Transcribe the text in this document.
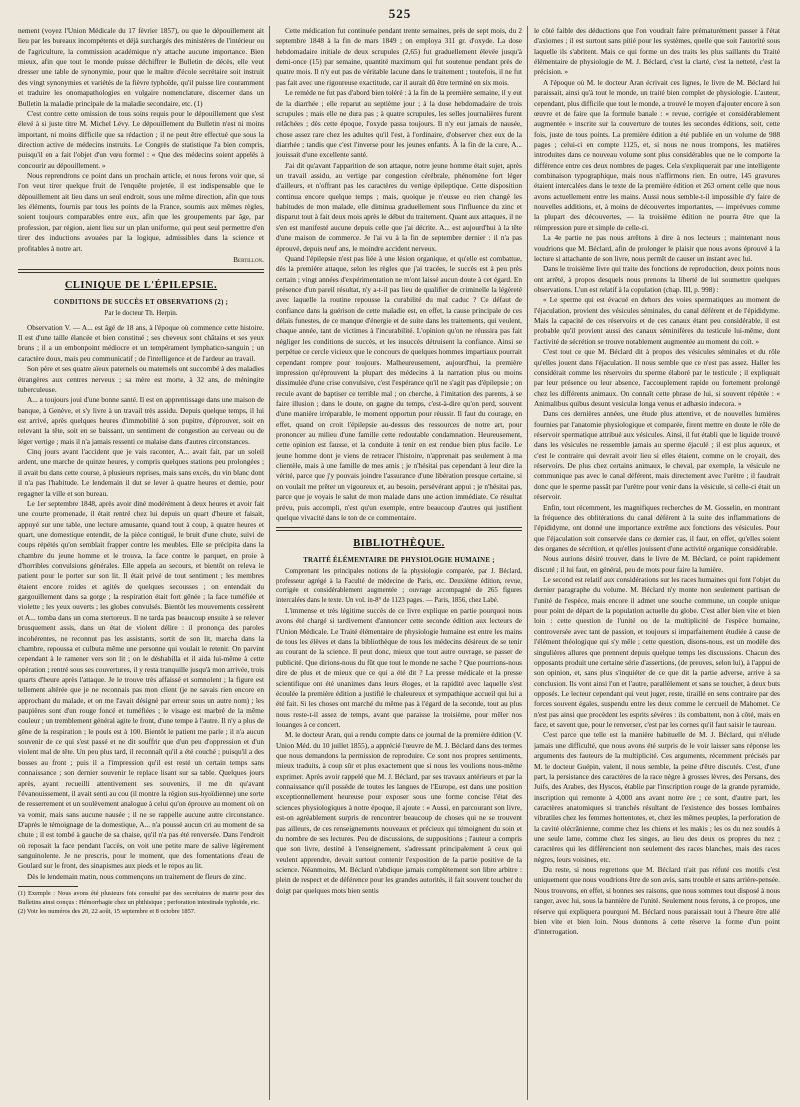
525

nement (voyez l'Union Médicale du 17 février 1857), ou que le dépouillement ait lieu par les bureaux incompétents et déjà surchargés des ministères de l'intérieur ou de l'agriculture, la commission académique n'y attache aucune importance. Bien mieux, afin que tout le monde puisse déchiffrer le Bulletin de décès, elle veut dresser une table de synonymie, pour que le maître d'école secrétaire soit instruit des vingt synonymies et variétés de la fièvre typhoïde, qu'il puisse lire couramment et traduire les onomapathologies en vulgaire nomenclature, discerner dans un Bulletin la maladie principale de la maladie secondaire, etc. (1)

C'est contre cette omission de tous soins requis pour le dépouillement que s'est élevé à si juste titre M. Michel Lévy. Le dépouillement du Bulletin n'est ni moins important, ni moins difficile que sa rédaction ; il ne peut être effectué que sous la direction active de médecins instruits. Le Congrès de statistique l'a bien compris, puisqu'il en a fait l'objet d'un vœu formel : « Que des médecins soient appelés à concourir au dépouillement. »

Nous reprendrons ce point dans un prochain article, et nous ferons voir que, si l'on veut tirer quelque fruit de l'enquête projetée, il est indispensable que le dépouillement ait lieu dans un seul endroit, sous une même direction, afin que tous les éléments, fournis par tous les points de la France, soumis aux mêmes règles, soient toujours comparables entre eux, afin que les groupements par âge, par profession, par région, aient lieu sur un plan uniforme, qui peut seul permettre d'en tirer des inductions avouées par la logique, admissibles dans la science et profitables à notre art.

Bertillon.
CLINIQUE DE L'ÉPILEPSIE.
CONDITIONS DE SUCCÈS ET OBSERVATIONS (2) ;
Par le docteur Th. Herpin.

Observation V. — A... est âgé de 18 ans, à l'époque où commence cette histoire. Il est d'une taille élancée et bien constitué ; ses cheveux sont châtains et ses yeux bruns ; il a un embonpoint médiocre et un tempérament lymphatico-sanguin ; un caractère doux, mais peu communicatif ; de l'intelligence et de l'ardeur au travail.

Son père et ses quatre aïeux paternels ou maternels ont succombé à des maladies étrangères aux centres nerveux ; sa mère est morte, à 32 ans, de méningite tuberculeuse.

A... a toujours joui d'une bonne santé. Il est en apprentissage dans une maison de banque, à Genève, et s'y livre à un travail très assidu. Depuis quelque temps, il lui est arrivé, après quelques heures d'immobilité à son pupitre, d'éprouver, soit en relevant la tête, soit en se baissant, un sentiment de congestion au cerveau ou de léger vertige ; mais il n'a jamais ressenti ce malaise dans d'autres circonstances.

Cinq jours avant l'accident que je vais raconter, A... avait fait, par un soleil ardent, une marche de quinze heures, y compris quelques stations peu prolongées ; il avait bu dans cette course, à plusieurs reprises, mais sans excès, du vin blanc dont il n'a pas l'habitude. Le lendemain il dut se lever à quatre heures et demie, pour regagner la ville et son bureau.

Le 1er septembre 1848, après avoir diné modérément à deux heures et avoir fait une courte promenade, il était rentré chez lui depuis un quart d'heure et faisait, appuyé sur une table, une lecture amusante, quand tout à coup, à quatre heures et quart, une domestique entendit, de la pièce contiguë, le bruit d'une chute, suivi de coups répétés qu'on semblait frapper contre les meubles. Elle se précipita dans la chambre du jeune homme et le trouva, la face contre le parquet, en proie à d'horribles convulsions générales. Elle appela au secours, et bientôt on releva le patient pour le porter sur son lit. Il était privé de tout sentiment ; les membres étaient encore roides et agités de quelques secousses ; on entendait du gargouillement dans sa gorge ; la respiration était fort gênée ; la face tuméfiée et violette ; les yeux ouverts ; les globes convulsés. Bientôt les mouvements cessèrent et A... tomba dans un coma stertoreux. Il ne tarda pas beaucoup ensuite à se relever brusquement assis, dans un état de violent délire : il prononça des paroles incohérentes, ne reconnut pas les assistants, sortit de son lit, marcha dans la chambre, repoussa et culbuta même une personne qui voulait le retenir. On parvint cependant à le ramener vers son lit ; on le déshabilla et il aida lui-même à cette opération ; rentré sous ses couvertures, il y resta tranquille jusqu'à mon arrivée, trois quarts d'heure après l'attaque. Je le trouve très affaissé et somnolent ; la figure est tellement altérée que je ne reconnais pas mon client (je ne savais rien encore en approchant du malade, et on me l'avait désigné par erreur sous un autre nom) ; les paupières sont d'un rouge foncé et tuméfiées ; le visage est marbré de la même couleur ; un tremblement général agite le front, d'une tempe à l'autre. Il n'y a plus de gêne de la respiration ; le pouls est à 100. Bientôt le patient me parle ; il n'a aucun souvenir de ce qui s'est passé et ne dit souffrir que d'un peu d'oppression et d'un violent mal de tête. Un peu plus tard, il reconnaît qu'il a été couché ; puisqu'il a des bosses au front ; puis il a l'impression qu'il est resté un certain temps sans connaissance ; son dernier souvenir le replace lisant sur sa table. Quelques jours après, ayant recueilli attentivement ses souvenirs, il me dit qu'avant l'évanouissement, il avait senti au cou (il montre la région sus-hyoïdienne) une sorte de resserrement et un soulèvement analogue à celui qu'on éprouve au moment où on va vomir, mais sans aucune nausée ; il ne se rappelle aucune autre circonstance. D'après le témoignage de la domestique, A... n'a poussé aucun cri au moment de sa chute ; il est tombé à gauche de sa chaise, qu'il n'a pas été renversée. Dans l'endroit où reposait la face pendant l'accès, on voit une petite mare de salive légèrement sanguinolente. Je ne prescris, pour le moment, que des fomentations d'eau de Goulard sur le front, des sinapismes aux pieds et le repos au lit.

Dès le lendemain matin, nous commençons un traitement de fleurs de zinc.

(1) Exemple : Nous avons été plusieurs fois consulté par des secrétaires de mairie pour des Bulletins ainsi conçus : Hémorrhagie chez un phthisique ; perforation intestinale typhoïde, etc.

(2) Voir les numéros des 20, 22 août, 15 septembre et 8 octobre 1857.

Cette médication fut continuée pendant trente semaines, près de sept mois, du 2 septembre 1848 à la fin de mars 1849 ; on employa 311 gr. d'oxyde. La dose hebdomadaire initiale de deux scrupules (2,65) fut graduellement élevée jusqu'à demi-once (15) par semaine, quantité maximum qui fut soutenue pendant près de quatre mois. Il n'y eut pas de véritable lacune dans le traitement ; toutefois, il ne fut pas fait avec une rigoureuse exactitude, car il aurait dû être terminé en six mois.

Le remède ne fut pas d'abord bien toléré : à la fin de la première semaine, il y eut de la diarrhée ; elle reparut au septième jour ; à la dose hebdomadaire de trois scrupules ; mais elle ne dura pas ; à quatre scrupules, les selles journalières furent relâchées ; dès cette époque, l'oxyde passa toujours. Il n'y eut jamais de nausée, chose assez rare chez les adultes qu'il l'est, à l'ordinaire, d'observer chez eux de la diarrhée ; tandis que c'est l'inverse pour les jeunes enfants. À la fin de la cure, A... jouissait d'une excellente santé.

J'ai dit qu'avant l'apparition de son attaque, notre jeune homme était sujet, après un travail assidu, au vertige par congestion cérébrale, phénomène fort léger d'ailleurs, et n'offrant pas les caractères du vertige épileptique. Cette disposition continua encore quelque temps ; mais, quoique je n'eusse eu rien changé les habitudes de mon malade, elle diminua graduellement sous l'influence du zinc et disparut tout à fait deux mois après le début du traitement. Quant aux attaques, il ne s'en est manifesté aucune depuis celle que j'ai décrite. A... est aujourd'hui à la tête d'une maison de commerce. Je l'ai vu à la fin de septembre dernier : il n'a pas éprouvé, depuis neuf ans, le moindre accident nerveux.

Quand l'épilepsie n'est pas liée à une lésion organique, et qu'elle est combattue, dès la première attaque, selon les règles que j'ai tracées, le succès est à peu près certain ; vingt années d'expérimentation ne m'ont laissé aucun doute à cet égard. En présence d'un pareil résultat, n'y a-t-il pas lieu de qualifier de criminelle la légèreté avec laquelle la routine repousse la curabilité du mal caduc ? Ce défaut de confiance dans la guérison de cette maladie est, en effet, la cause principale de ces délais funestes, de ce manque d'énergie et de suite dans les traitements, qui veulent, chaque année, tant de victimes à l'incurabilité. L'opinion qu'on ne réussira pas fait négliger les conditions de succès, et les insuccès détruisent la confiance. Ainsi se perpétue ce cercle vicieux que le concours de quelques hommes impartiaux pourrait cependant rompre pour toujours. Malheureusement, aujourd'hui, la première impression qu'éprouvent la plupart des médecins à la narration plus ou moins dissimulée d'une crise convulsive, c'est l'espérance qu'il ne s'agit pas d'épilepsie ; on recule avant de baptiser ce terrible mal ; on cherche, à l'imitation des parents, à se faire illusion ; dans le doute, on gagne du temps, c'est-à-dire qu'on perd, souvent d'une manière irréparable, le moment opportun pour réussir. Il faut du courage, en effet, quand on croit l'épilepsie au-dessus des ressources de notre art, pour prononcer au milieu d'une famille cette redoutable condamnation. Heureusement, cette opinion est fausse, et la conduite à tenir en est rendue bien plus facile. Le jeune homme dont je viens de retracer l'histoire, n'apprenait pas seulement à ma clientèle, mais à une famille de mes amis ; je n'hésitai pas cependant à leur dire la vérité, parce que j'y pouvais joindre l'assurance d'une libération presque certaine, si on voulait me prêter un vigoureux et, au besoin, persévérant appui ; je n'hésitai pas, parce que je voyais le salut de mon malade dans une action immédiate. Ce résultat prévu, puis accompli, n'est qu'un exemple, entre beaucoup d'autres qui justifient quelque vivacité dans le ton de ce commentaire.

BIBLIOTHÈQUE.
TRAITÉ ÉLÉMENTAIRE DE PHYSIOLOGIE HUMAINE ;

Comprenant les principales notions de la physiologie comparée, par J. Béclard, professeur agrégé à la Faculté de médecine de Paris, etc. Deuxième édition, revue, corrigée et considérablement augmentée ; ouvrage accompagné de 265 figures intercalées dans le texte. Un vol. in-8° de 1123 pages. — Paris, 1856, chez Labé.

L'immense et très légitime succès de ce livre explique en partie pourquoi nous avons été chargé si tardivement d'annoncer cette seconde édition aux lecteurs de l'Union Médicale. Le Traité élémentaire de physiologie humaine est entre les mains de tous les élèves et dans la bibliothèque de tous les médecins désireux de se tenir au courant de la science. Il peut donc, mieux que tout autre ouvrage, se passer de publicité. Que dirions-nous du fût que tout le monde ne sache ? Que pourrions-nous dire de plus et de mieux que ce qui a été dit ? La presse médicale et la presse scientifique ont été unanimes dans leurs éloges, et la rapidité avec laquelle s'est écoulée la première édition a justifié le chaleureux et sympathique accueil qui lui a été fait. Si les choses ont marché du même pas à l'égard de la seconde, tout au plus nous reste-t-il assez de temps, avant que paraisse la troisième, pour mêler nos louanges à ce concert.

M. le docteur Aran, qui a rendu compte dans ce journal de la première édition (V. Union Méd. du 10 juillet 1855), a apprécié l'œuvre de M. J. Béclard dans des termes que nous demandons la permission de reproduire. Ce sont nos propres sentiments, mieux traduits, à coup sûr et plus exactement que si nous les voulions nous-même exprimer. Après avoir rappelé que M. J. Béclard, par ses travaux antérieurs et par la connaissance qu'il possède de toutes les langues de l'Europe, est dans une position exceptionnellement heureuse pour exposer sous une forme concise l'état des sciences physiologiques à notre époque, il ajoute : « Aussi, en parcourant son livre, est-on agréablement surpris de rencontrer beaucoup de choses qui ne se trouvent pas ailleurs, de ces renseignements nouveaux et précieux qui témoignent du soin et du nombre de ses lectures. Peu de discussions, de suppositions ; l'auteur a compris que son livre, destiné à l'enseignement, s'adressant principalement à ceux qui veulent apprendre, devait surtout contenir l'exposition de la partie positive de la science. Néanmoins, M. Béclard n'abdique jamais complètement son libre arbitre : plein de respect et de déférence pour les grandes autorités, il fait souvent toucher du doigt par quelques mots bien sentis

le côté faible des déductions que l'on voudrait faire prématurément passer à l'état d'axiomes ; il est surtout sans pitié pour les systèmes, quelle que soit l'autorité sous laquelle ils s'abritent. Mais ce qui forme un des traits les plus saillants du Traité élémentaire de physiologie de M. J. Béclard, c'est la clarté, c'est la netteté, c'est la précision. »

A l'époque où M. le docteur Aran écrivait ces lignes, le livre de M. Béclard lui paraissait, ainsi qu'à tout le monde, un traité bien complet de physiologie. L'auteur, cependant, plus difficile que tout le monde, a trouvé le moyen d'ajouter encore à son œuvre et de faire que la formule banale : « revue, corrigée et considérablement augmentée » inscrite sur la couverture de toutes les secondes éditions, soit, cette fois, juste de tous points. La première édition a été publiée en un volume de 988 pages ; celui-ci en compte 1125, et, si nous ne nous trompons, les matières introduites dans ce nouveau volume sont plus considérables que ne le comporte la différence entre ces deux nombres de pages. Cela s'expliquerait par une intelligente combinaison typographique, mais nous n'affirmons rien. En outre, 145 gravures étaient intercalées dans le texte de la première édition et 263 ornent celle que nous avons actuellement entre les mains. Aussi nous semble-t-il impossible d'y faire de nouvelles additions, et, à moins de découvertes importantes, — imprévues comme la plupart des découvertes, — la troisième édition ne pourra être que la réimpression pure et simple de celle-ci.

La 4e partie ne pas nous arrêtons à dire à nos lecteurs ; maintenant nous voudrions que M. Béclard, afin de prolonger le plaisir que nous avons éprouvé à la lecture si attachante de son livre, nous permît de causer un instant avec lui.

Dans le troisième livre qui traite des fonctions de reproduction, deux points nous ont arrêté, à propos desquels nous prenons la liberté de lui soumettre quelques observations. L'un est relatif à la copulation (chap. III, p. 998) :

« Le sperme qui est évacué en dehors des voies spermatiques au moment de l'éjaculation, provient des vésicules séminales, du canal déférent et de l'épididyme. Mais la capacité de ces réservoirs et de ces canaux étant peu considérable, il est probable qu'il provient aussi des canaux séminifères du testicule lui-même, dont l'activité de sécrétion se trouve notablement augmentée au moment du coït. »

C'est tout ce que M. Béclard dit à propos des vésicules séminales et du rôle qu'elles jouent dans l'éjaculation. Il nous semble que ce n'est pas assez. Haller les considérait comme les réservoirs du sperme élaboré par le testicule ; il expliquait par leur présence ou leur absence, l'accouplement rapide ou fortement prolongé chez les différents animaux. On connaît cette phrase de lui, si souvent répétée : « Animalibus quibus desunt vesiculæ longa venus et adhæsio indecora. »

Dans ces dernières années, une étude plus attentive, et de nouvelles lumières fournies par l'anatomie physiologique et comparée, firent mettre en doute le rôle de réservoir spermatique attribué aux vésicules. Ainsi, il fut établi que le liquide trouvé dans les vésicules ne ressemble jamais au sperme éjaculé ; il est plus aqueux, et c'est le contraire qui devrait avoir lieu si elles étaient, comme on le croyait, des réservoirs. De plus chez certains animaux, le cheval, par exemple, la vésicule ne communique pas avec le canal déférent, mais directement avec l'urètre ; il faudrait donc que le sperme passât par l'urètre pour venir dans la vésicule, si celle-ci était un réservoir.

Enfin, tout récemment, les magnifiques recherches de M. Gosselin, en montrant la fréquence des oblitérations du canal déférent à la suite des inflammations de l'épididyme, ont donné une importance extrême aux fonctions des vésicules. Pour que l'éjaculation soit conservée dans ce dernier cas, il faut, en effet, qu'elles soient des organes de sécrétion, et qu'elles jouissent d'une activité organique considérable.

Nous aurions désiré trouver, dans le livre de M. Béclard, ce point rapidement discuté ; il lui faut, en général, peu de mots pour faire la lumière.

Le second est relatif aux considérations sur les races humaines qui font l'objet du dernier paragraphe du volume. M. Béclard n'y monte non seulement partisan de l'unité de l'espèce, mais encore il admet une souche commune, un couple unique pour point de départ de la population actuelle du globe. C'est aller bien vite et bien loin : cette question de l'unité ou de la multiplicité de l'espèce humaine, controversée avec tant de passion, et toujours si imparfaitement étudiée à cause de l'élément théologique qui s'y mêle ; cette question, disons-nous, est un modèle des singulières allures que prennent depuis quelque temps les discussions. Chacun des opposants produit une certaine série d'assertions, (de preuves, selon lui), à l'appui de son opinion, et, sans plus s'inquiéter de ce que dit la partie adverse, arrive à sa conclusion. Ils vont ainsi l'un et l'autre, parallèlement et sans se toucher, à deux buts opposés. Le lecteur cependant qui veut juger, reste, tiraillé en sens contraire par des forces souvent égales, suspendu entre les deux comme le cercueil de Mahomet. Ce n'est pas ainsi que procèdent les esprits sévères : ils combattent, non à côté, mais en face, et savent que, pour le renverser, c'est par les cornes qu'il faut saisir le taureau.

C'est parce que telle est la manière habituelle de M. J. Béclard, qui n'élude jamais une difficulté, que nous avons été surpris de le voir laisser sans réponse les arguments des fauteurs de la multiplicité. Ces arguments, récemment précisés par M. le docteur Guépin, valent, il nous semble, la peine d'être discutés. C'est, d'une part, la persistance des caractères de la race nègre à grosses lèvres, des Persans, des Juifs, des Arabes, des Hyscos, établie par l'inscription rouge de la grande pyramide, inscription qui remonte à 4,000 ans avant notre ère ; ce sont, d'autre part, les caractères anatomiques si tranchés résultant de l'existence des bosses lombaires vibratiles chez les femmes hottentotes, et, chez les mêmes peuples, la perforation de la cavité olécrânienne, comme chez les chiens et les makis ; les os du nez soudés à une seule lame, comme chez les singes, au lieu des deux os propres du nez ; caractères qui les différencient non seulement des races blanches, mais des races nègres, leurs voisines, etc.

Du reste, si nous regrettons que M. Béclard n'ait pas réfuté ces motifs c'est uniquement que nous voudrions être de son avis, sans trouble et sans arrière-pensée. Nous trouvons, en effet, si bonnes ses raisons, que nous sommes tout disposé à nous ranger, avec lui, sous la bannière de l'unité. Seulement nous ferons, à ce propos, une réserve qui expliquera pourquoi M. Béclard nous paraissait tout à l'heure être allé bien vite et bien loin. Nous donnons à cette réserve la forme d'un point d'interrogation.
